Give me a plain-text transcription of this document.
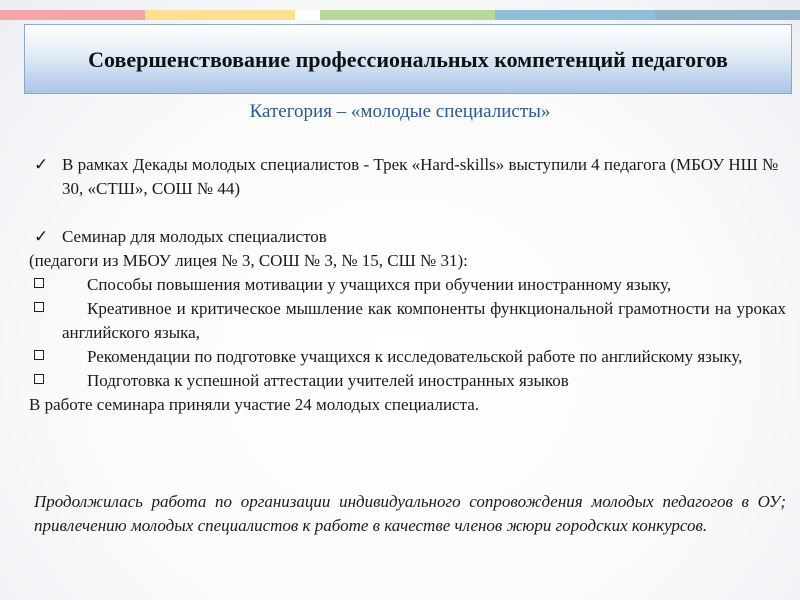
Совершенствование профессиональных компетенций педагогов
Категория – «молодые специалисты»
✓ В рамках Декады молодых специалистов - Трек «Hard-skills» выступили 4 педагога (МБОУ НШ № 30, «СТШ», СОШ № 44)
✓ Семинар для молодых специалистов
(педагоги из МБОУ лицея № 3, СОШ № 3, № 15, СШ № 31):
Способы повышения мотивации у учащихся при обучении иностранному языку,
Креативное и критическое мышление как компоненты функциональной грамотности на уроках английского языка,
Рекомендации по подготовке учащихся к исследовательской работе по английскому языку,
Подготовка к успешной аттестации учителей иностранных языков
В работе семинара приняли участие 24 молодых специалиста.
Продолжилась работа по организации индивидуального сопровождения молодых педагогов в ОУ; привлечению молодых специалистов к работе в качестве членов жюри городских конкурсов.
